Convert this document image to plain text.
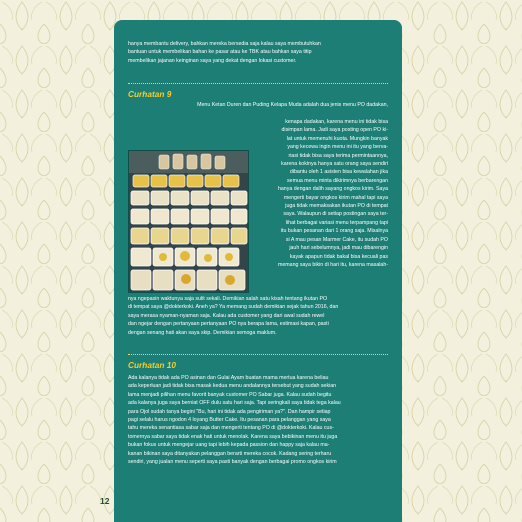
hanya membantu delivery, bahkan mereka bersedia saja kalau saya membutuhkan

bantuan untuk membelikan bahan ke pasar atau ke TBK atau bahkan saya titip

membelikan jajanan keinginan saya yang dekat dengan lokasi customer.

Curhatan 9

Menu Ketan Duren dan Puding Kelapa Muda adalah dua jenis menu PO dadakan,

kenapa dadakan, karena menu ini tidak bisa

disimpan lama. Jadi saya posting open PO ki-

lat untuk memenuhi kuota. Mungkin banyak

yang kecewa ingin menu ini itu yang berva-

riasi tidak bisa saya terima permintaannya,

karena kokinya hanya satu orang saya sendiri

dibantu oleh 1 asisten bisa kewalahan jika

semua menu minta dikirimnya berbarengan

hanya dengan dalih sayang ongkos kirim. Saya

mengerti bayar ongkos kirim mahal tapi saya

juga tidak memaksakan ikutan PO di tempat

saya. Walaupun di setiap postingan saya ter-

lihat berbagai variasi menu terpampang tapi

itu bukan pesanan dari 1 orang saja. Misalnya

si A mau pesan Marmer Cake, itu sudah PO

jauh hari sebelumnya, jadi mau dibarengin

kayak apapun tidak bakal bisa kecuali pas

memang saya bikin di hari itu, karena masalah-

nya ngepasin waktunya saja sulit sekali. Demikian salah satu kisah tentang ikutan PO

di tempat saya @dokterkoki. Aneh ya? Ya memang sudah demikian sejak tahun 2016, dan

saya merasa nyaman-nyaman saja. Kalau ada customer yang dari awal sudah rewel

dan ngejar dengan pertanyaan pertanyaan PO nya berapa lama, estimasi kapan, pasti

dengan senang hati akan saya skip. Demikian semoga maklum.

Curhatan 10

Ada kalanya tidak ada PO asinan dan Gulai Ayam buatan mama mertua karena beliau

ada keperluan jadi tidak bisa masak kedua menu andalannya tersebut yang sudah sekian

lama menjadi pilihan menu favorit banyak customer PO Sabar juga. Kalau sudah begitu

ada kalanya juga saya berniat OFF dulu satu hari saja. Tapi seringkali saya tidak tega kalau

para Ojol sudah tanya begini "Bu, hari ini tidak ada pengiriman ya?". Dan hampir setiap

pagi selalu harus ngodon 4 loyang Butter Cake. Itu pesanan para pelanggan yang saya

tahu mereka senantiasa sabar saja dan mengerti tentang PO di @dokterkoki. Kalau cus-

tomernya sabar saya tidak enak hati untuk menolak. Karena saya bebikinan menu itu juga

bukan fokus untuk mengejar uang tapi lebih kepada passion dan happy saja kalau ma-

kanan bikinan saya ditanyakan pelanggan berarti mereka cocok. Kadang sering terharu

sendiri, yang jualan menu seperti saya pasti banyak dengan berbagai promo ongkos kirim

12
